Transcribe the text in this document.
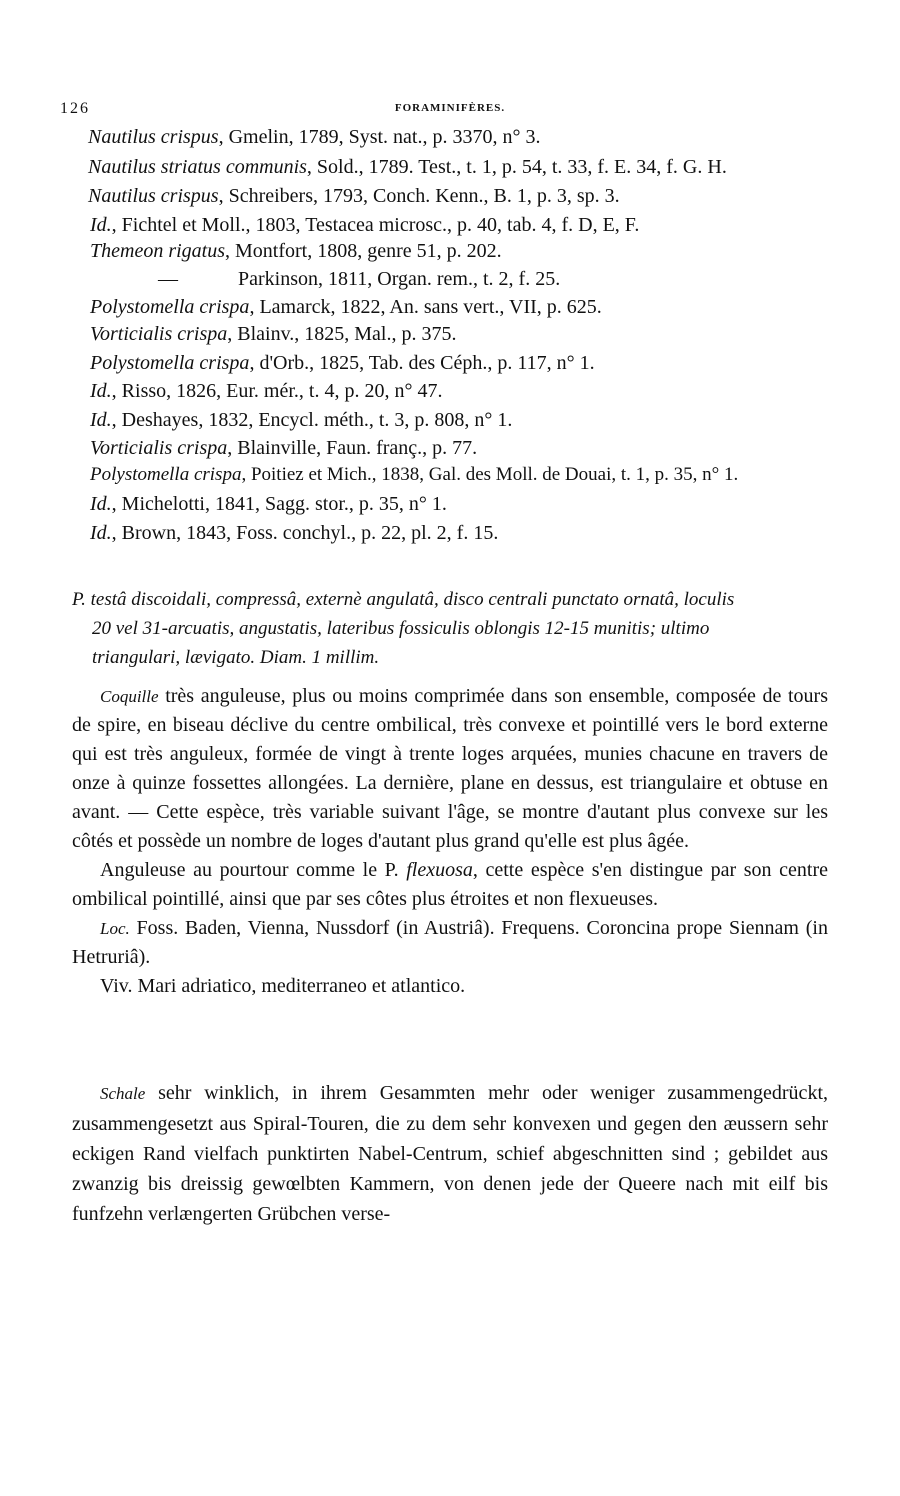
126	FORAMINIFÈRES.
Nautilus crispus, Gmelin, 1789, Syst. nat., p. 3370, n° 3.
Nautilus striatus communis, Sold., 1789. Test., t. 1, p. 54, t. 33, f. E. 34, f. G. H.
Nautilus crispus, Schreibers, 1793, Conch. Kenn., B. 1, p. 3, sp. 3.
Id., Fichtel et Moll., 1803, Testacea microsc., p. 40, tab. 4, f. D, E, F.
Themeon rigatus, Montfort, 1808, genre 51, p. 202.
—	Parkinson, 1811, Organ. rem., t. 2, f. 25.
Polystomella crispa, Lamarck, 1822, An. sans vert., VII, p. 625.
Vorticialis crispa, Blainv., 1825, Mal., p. 375.
Polystomella crispa, d'Orb., 1825, Tab. des Céph., p. 117, n° 1.
Id., Risso, 1826, Eur. mér., t. 4, p. 20, n° 47.
Id., Deshayes, 1832, Encycl. méth., t. 3, p. 808, n° 1.
Vorticialis crispa, Blainville, Faun. franç., p. 77.
Polystomella crispa, Poitiez et Mich., 1838, Gal. des Moll. de Douai, t. 1, p. 35, n° 1.
Id., Michelotti, 1841, Sagg. stor., p. 35, n° 1.
Id., Brown, 1843, Foss. conchyl., p. 22, pl. 2, f. 15.
P. testâ discoidali, compressâ, externè angulatâ, disco centrali punctato ornatâ, loculis
20 vel 31-arcuatis, angustatis, lateribus fossiculis oblongis 12-15 munitis; ultimo
triangulari, lævigato. Diam. 1 millim.

Coquille très anguleuse, plus ou moins comprimée dans son ensemble, composée de tours de spire, en biseau déclive du centre ombilical, très convexe et pointillé vers le bord externe qui est très anguleux, formée de vingt à trente loges arquées, munies chacune en travers de onze à quinze fossettes allongées. La dernière, plane en dessus, est triangulaire et obtuse en avant. — Cette espèce, très variable suivant l'âge, se montre d'autant plus convexe sur les côtés et possède un nombre de loges d'autant plus grand qu'elle est plus âgée.

Anguleuse au pourtour comme le P. flexuosa, cette espèce s'en distingue par son centre ombilical pointillé, ainsi que par ses côtes plus étroites et non flexueuses.

Loc. Foss. Baden, Vienna, Nussdorf (in Austriâ). Frequens. Coroncina prope Siennam (in Hetruriâ).

Viv. Mari adriatico, mediterraneo et atlantico.

Schale sehr winklich, in ihrem Gesammten mehr oder weniger zusammengedrückt, zusammengesetzt aus Spiral-Touren, die zu dem sehr konvexen und gegen den æussern sehr eckigen Rand vielfach punktirten Nabel-Centrum, schief abgeschnitten sind ; gebildet aus zwanzig bis dreissig gewœlbten Kammern, von denen jede der Queere nach mit eilf bis funfzehn verlængerten Grübchen verse-
